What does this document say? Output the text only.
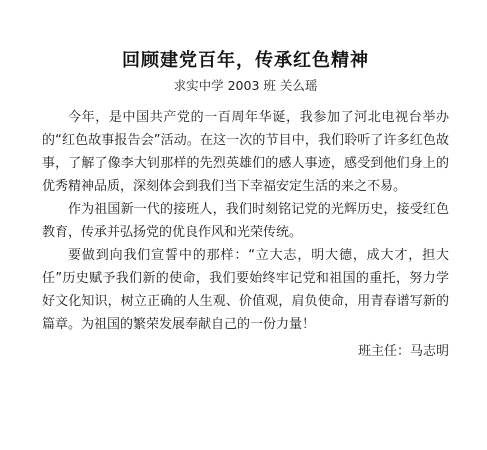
回顾建党百年，传承红色精神

求实中学 2003 班 关么瑶

今年，是中国共产党的一百周年华诞，我参加了河北电视台举办的“红色故事报告会”活动。在这一次的节目中，我们聆听了许多红色故事，了解了像李大钊那样的先烈英雄们的感人事迹，感受到他们身上的优秀精神品质，深刻体会到我们当下幸福安定生活的来之不易。

作为祖国新一代的接班人，我们时刻铭记党的光辉历史，接受红色教育，传承并弘扬党的优良作风和光荣传统。

要做到向我们宣誓中的那样：“立大志，明大德，成大才，担大任”历史赋予我们新的使命，我们要始终牢记党和祖国的重托，努力学好文化知识，树立正确的人生观、价值观，肩负使命，用青春谱写新的篇章。为祖国的繁荣发展奉献自己的一份力量！

班主任：马志明
